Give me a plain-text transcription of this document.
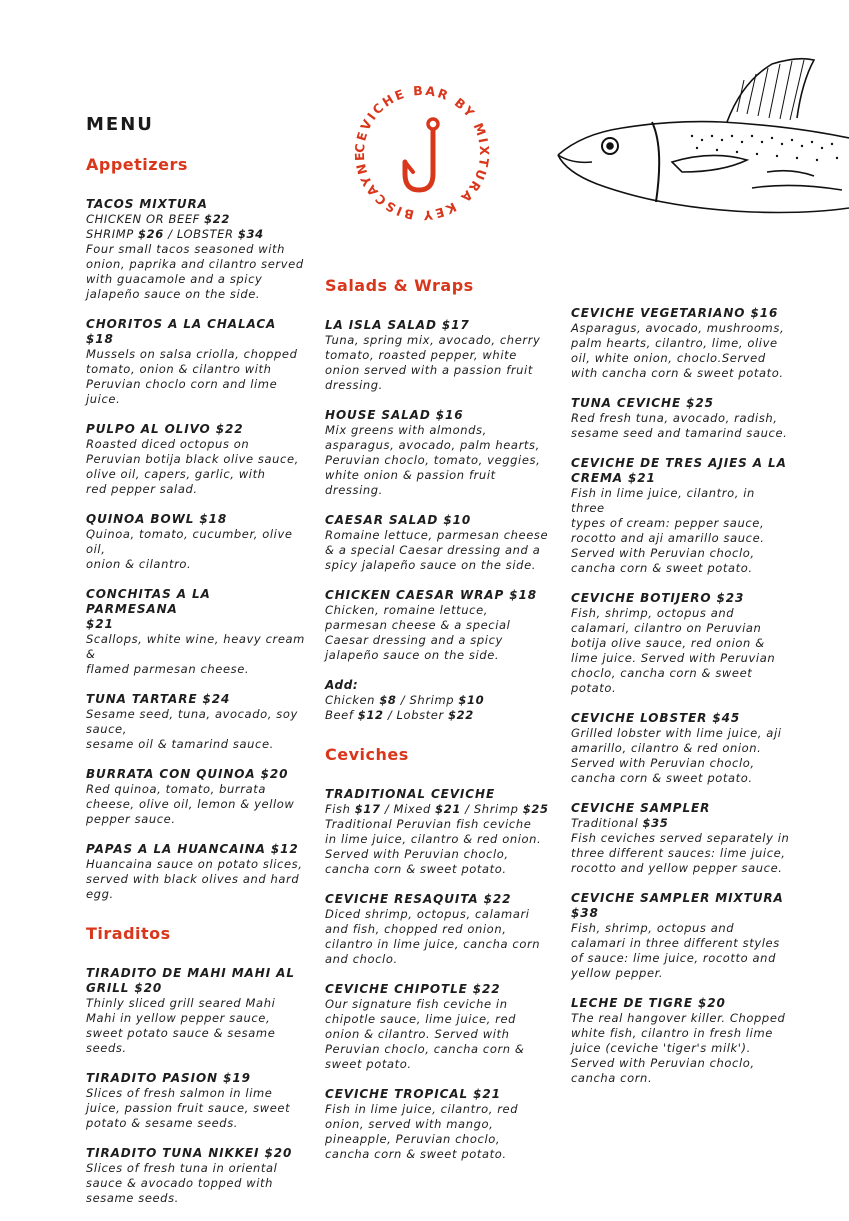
MENU
CEVICHE BAR BY MIXTURA KEY BISCAYNE
Appetizers
TACOS MIXTURA
CHICKEN OR BEEF $22
SHRIMP $26 / LOBSTER $34
Four small tacos seasoned with
onion, paprika and cilantro served
with guacamole and a spicy
jalapeño sauce on the side.
CHORITOS A LA CHALACA $18
Mussels on salsa criolla, chopped
tomato, onion & cilantro with
Peruvian choclo corn and lime
juice.
PULPO AL OLIVO $22
Roasted diced octopus on
Peruvian botija black olive sauce,
olive oil, capers, garlic, with
red pepper salad.
QUINOA BOWL $18
Quinoa, tomato, cucumber, olive
oil,
onion & cilantro.
CONCHITAS A LA PARMESANA
$21
Scallops, white wine, heavy cream
&
flamed parmesan cheese.
TUNA TARTARE $24
Sesame seed, tuna, avocado, soy
sauce,
sesame oil & tamarind sauce.
BURRATA CON QUINOA $20
Red quinoa, tomato, burrata
cheese, olive oil, lemon & yellow
pepper sauce.
PAPAS A LA HUANCAINA $12
Huancaina sauce on potato slices,
served with black olives and hard
egg.
Tiraditos
TIRADITO DE MAHI MAHI AL
GRILL $20
Thinly sliced grill seared Mahi
Mahi in yellow pepper sauce,
sweet potato sauce & sesame
seeds.
TIRADITO PASION $19
Slices of fresh salmon in lime
juice, passion fruit sauce, sweet
potato & sesame seeds.
TIRADITO TUNA NIKKEI $20
Slices of fresh tuna in oriental
sauce & avocado topped with
sesame seeds.
Salads & Wraps
LA ISLA SALAD $17
Tuna, spring mix, avocado, cherry
tomato, roasted pepper, white
onion served with a passion fruit
dressing.
HOUSE SALAD $16
Mix greens with almonds,
asparagus, avocado, palm hearts,
Peruvian choclo, tomato, veggies,
white onion & passion fruit
dressing.
CAESAR SALAD $10
Romaine lettuce, parmesan cheese
& a special Caesar dressing and a
spicy jalapeño sauce on the side.
CHICKEN CAESAR WRAP $18
Chicken, romaine lettuce,
parmesan cheese & a special
Caesar dressing and a spicy
jalapeño sauce on the side.
Add:
Chicken $8 / Shrimp $10
Beef $12 / Lobster $22
Ceviches
TRADITIONAL CEVICHE
Fish $17 / Mixed $21 / Shrimp $25
Traditional Peruvian fish ceviche
in lime juice, cilantro & red onion.
Served with Peruvian choclo,
cancha corn & sweet potato.
CEVICHE RESAQUITA $22
Diced shrimp, octopus, calamari
and fish, chopped red onion,
cilantro in lime juice, cancha corn
and choclo.
CEVICHE CHIPOTLE $22
Our signature fish ceviche in
chipotle sauce, lime juice, red
onion & cilantro. Served with
Peruvian choclo, cancha corn &
sweet potato.
CEVICHE TROPICAL $21
Fish in lime juice, cilantro, red
onion, served with mango,
pineapple, Peruvian choclo,
cancha corn & sweet potato.
CEVICHE VEGETARIANO $16
Asparagus, avocado, mushrooms,
palm hearts, cilantro, lime, olive
oil, white onion, choclo.Served
with cancha corn & sweet potato.
TUNA CEVICHE $25
Red fresh tuna, avocado, radish,
sesame seed and tamarind sauce.
CEVICHE DE TRES AJIES A LA
CREMA $21
Fish in lime juice, cilantro, in three
types of cream: pepper sauce,
rocotto and aji amarillo sauce.
Served with Peruvian choclo,
cancha corn & sweet potato.
CEVICHE BOTIJERO $23
Fish, shrimp, octopus and
calamari, cilantro on Peruvian
botija olive sauce, red onion &
lime juice. Served with Peruvian
choclo, cancha corn & sweet
potato.
CEVICHE LOBSTER $45
Grilled lobster with lime juice, aji
amarillo, cilantro & red onion.
Served with Peruvian choclo,
cancha corn & sweet potato.
CEVICHE SAMPLER
Traditional $35
Fish ceviches served separately in
three different sauces: lime juice,
rocotto and yellow pepper sauce.
CEVICHE SAMPLER MIXTURA
$38
Fish, shrimp, octopus and
calamari in three different styles
of sauce: lime juice, rocotto and
yellow pepper.
LECHE DE TIGRE $20
The real hangover killer. Chopped
white fish, cilantro in fresh lime
juice (ceviche 'tiger's milk').
Served with Peruvian choclo,
cancha corn.
